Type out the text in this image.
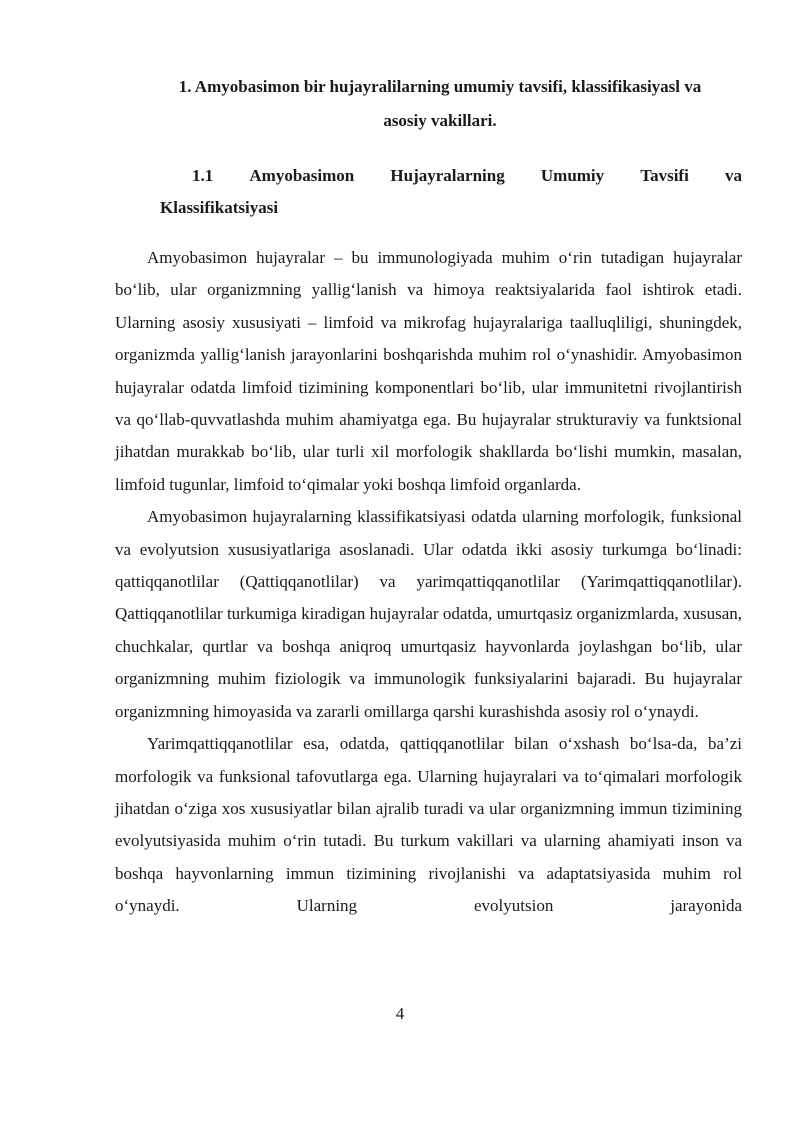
1. Amyobasimon bir hujayralilarning umumiy tavsifi, klassifikasiyasl va
asosiy vakillari.
1.1 Amyobasimon Hujayralarning Umumiy Tavsifi va
Klassifikatsiyasi

Amyobasimon hujayralar – bu immunologiyada muhim o‘rin tutadigan hujayralar bo‘lib, ular organizmning yallig‘lanish va himoya reaktsiyalarida faol ishtirok etadi. Ularning asosiy xususiyati – limfoid va mikrofag hujayralariga taalluqliligi, shuningdek, organizmda yallig‘lanish jarayonlarini boshqarishda muhim rol o‘ynashidir. Amyobasimon hujayralar odatda limfoid tizimining komponentlari bo‘lib, ular immunitetni rivojlantirish va qo‘llab-quvvatlashda muhim ahamiyatga ega. Bu hujayralar strukturaviy va funktsional jihatdan murakkab bo‘lib, ular turli xil morfologik shakllarda bo‘lishi mumkin, masalan, limfoid tugunlar, limfoid to‘qimalar yoki boshqa limfoid organlarda.

Amyobasimon hujayralarning klassifikatsiyasi odatda ularning morfologik, funksional va evolyutsion xususiyatlariga asoslanadi. Ular odatda ikki asosiy turkumga bo‘linadi: qattiqqanotlilar (Qattiqqanotlilar) va yarimqattiqqanotlilar (Yarimqattiqqanotlilar). Qattiqqanotlilar turkumiga kiradigan hujayralar odatda, umurtqasiz organizmlarda, xususan, chuchkalar, qurtlar va boshqa aniqroq umurtqasiz hayvonlarda joylashgan bo‘lib, ular organizmning muhim fiziologik va immunologik funksiyalarini bajaradi. Bu hujayralar organizmning himoyasida va zararli omillarga qarshi kurashishda asosiy rol o‘ynaydi.

Yarimqattiqqanotlilar esa, odatda, qattiqqanotlilar bilan o‘xshash bo‘lsa-da, ba’zi morfologik va funksional tafovutlarga ega. Ularning hujayralari va to‘qimalari morfologik jihatdan o‘ziga xos xususiyatlar bilan ajralib turadi va ular organizmning immun tizimining evolyutsiyasida muhim o‘rin tutadi. Bu turkum vakillari va ularning ahamiyati inson va boshqa hayvonlarning immun tizimining rivojlanishi va adaptatsiyasida muhim rol o‘ynaydi. Ularning evolyutsion jarayonida

4
